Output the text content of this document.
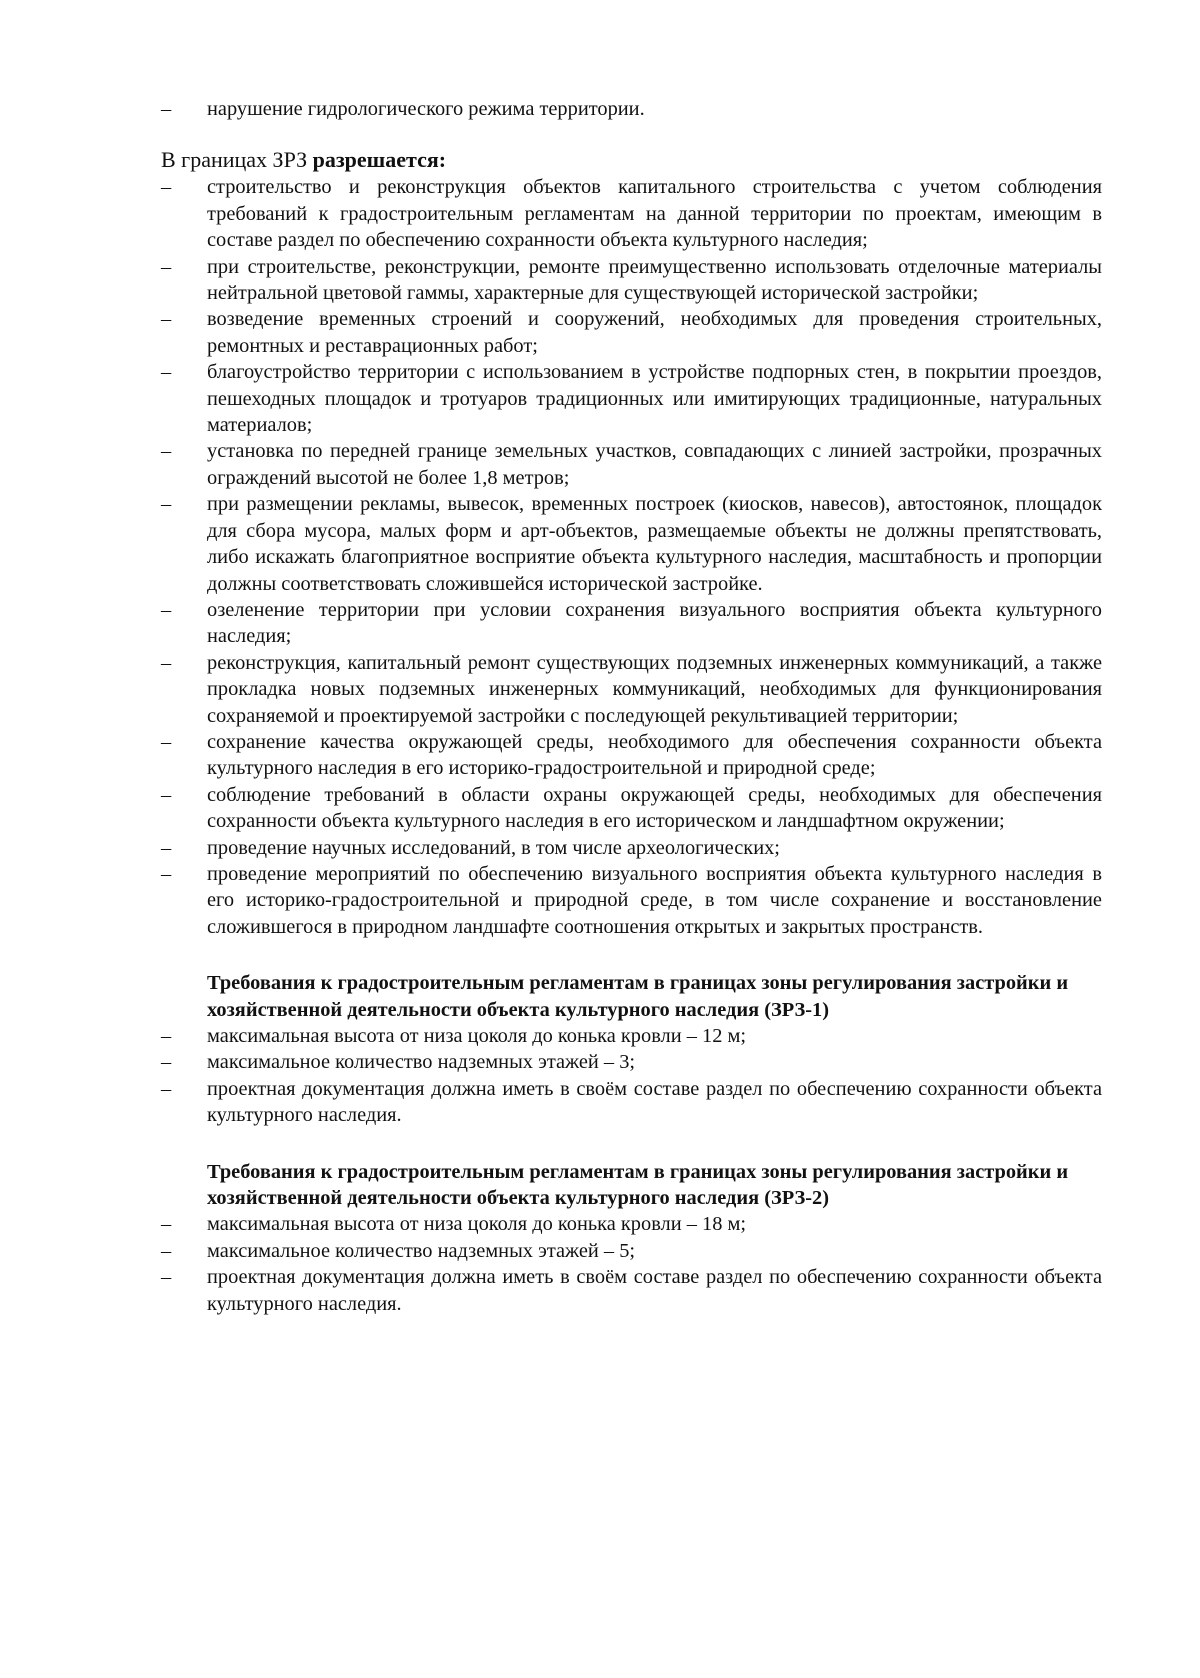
– нарушение гидрологического режима территории.
В границах ЗРЗ разрешается:
– строительство и реконструкция объектов капитального строительства с учетом соблюдения требований к градостроительным регламентам на данной территории по проектам, имеющим в составе раздел по обеспечению сохранности объекта культурного наследия;
– при строительстве, реконструкции, ремонте преимущественно использовать отделочные материалы нейтральной цветовой гаммы, характерные для существующей исторической застройки;
– возведение временных строений и сооружений, необходимых для проведения строительных, ремонтных и реставрационных работ;
– благоустройство территории с использованием в устройстве подпорных стен, в покрытии проездов, пешеходных площадок и тротуаров традиционных или имитирующих традиционные, натуральных материалов;
– установка по передней границе земельных участков, совпадающих с линией застройки, прозрачных ограждений высотой не более 1,8 метров;
– при размещении рекламы, вывесок, временных построек (киосков, навесов), автостоянок, площадок для сбора мусора, малых форм и арт-объектов, размещаемые объекты не должны препятствовать, либо искажать благоприятное восприятие объекта культурного наследия, масштабность и пропорции должны соответствовать сложившейся исторической застройке.
– озеленение территории при условии сохранения визуального восприятия объекта культурного наследия;
– реконструкция, капитальный ремонт существующих подземных инженерных коммуникаций, а также прокладка новых подземных инженерных коммуникаций, необходимых для функционирования сохраняемой и проектируемой застройки с последующей рекультивацией территории;
– сохранение качества окружающей среды, необходимого для обеспечения сохранности объекта культурного наследия в его историко-градостроительной и природной среде;
– соблюдение требований в области охраны окружающей среды, необходимых для обеспечения сохранности объекта культурного наследия в его историческом и ландшафтном окружении;
– проведение научных исследований, в том числе археологических;
– проведение мероприятий по обеспечению визуального восприятия объекта культурного наследия в его историко-градостроительной и природной среде, в том числе сохранение и восстановление сложившегося в природном ландшафте соотношения открытых и закрытых пространств.
Требования к градостроительным регламентам в границах зоны регулирования застройки и хозяйственной деятельности объекта культурного наследия (ЗРЗ-1)
– максимальная высота от низа цоколя до конька кровли – 12 м;
– максимальное количество надземных этажей – 3;
– проектная документация должна иметь в своём составе раздел по обеспечению сохранности объекта культурного наследия.
Требования к градостроительным регламентам в границах зоны регулирования застройки и хозяйственной деятельности объекта культурного наследия (ЗРЗ-2)
– максимальная высота от низа цоколя до конька кровли – 18 м;
– максимальное количество надземных этажей – 5;
– проектная документация должна иметь в своём составе раздел по обеспечению сохранности объекта культурного наследия.
